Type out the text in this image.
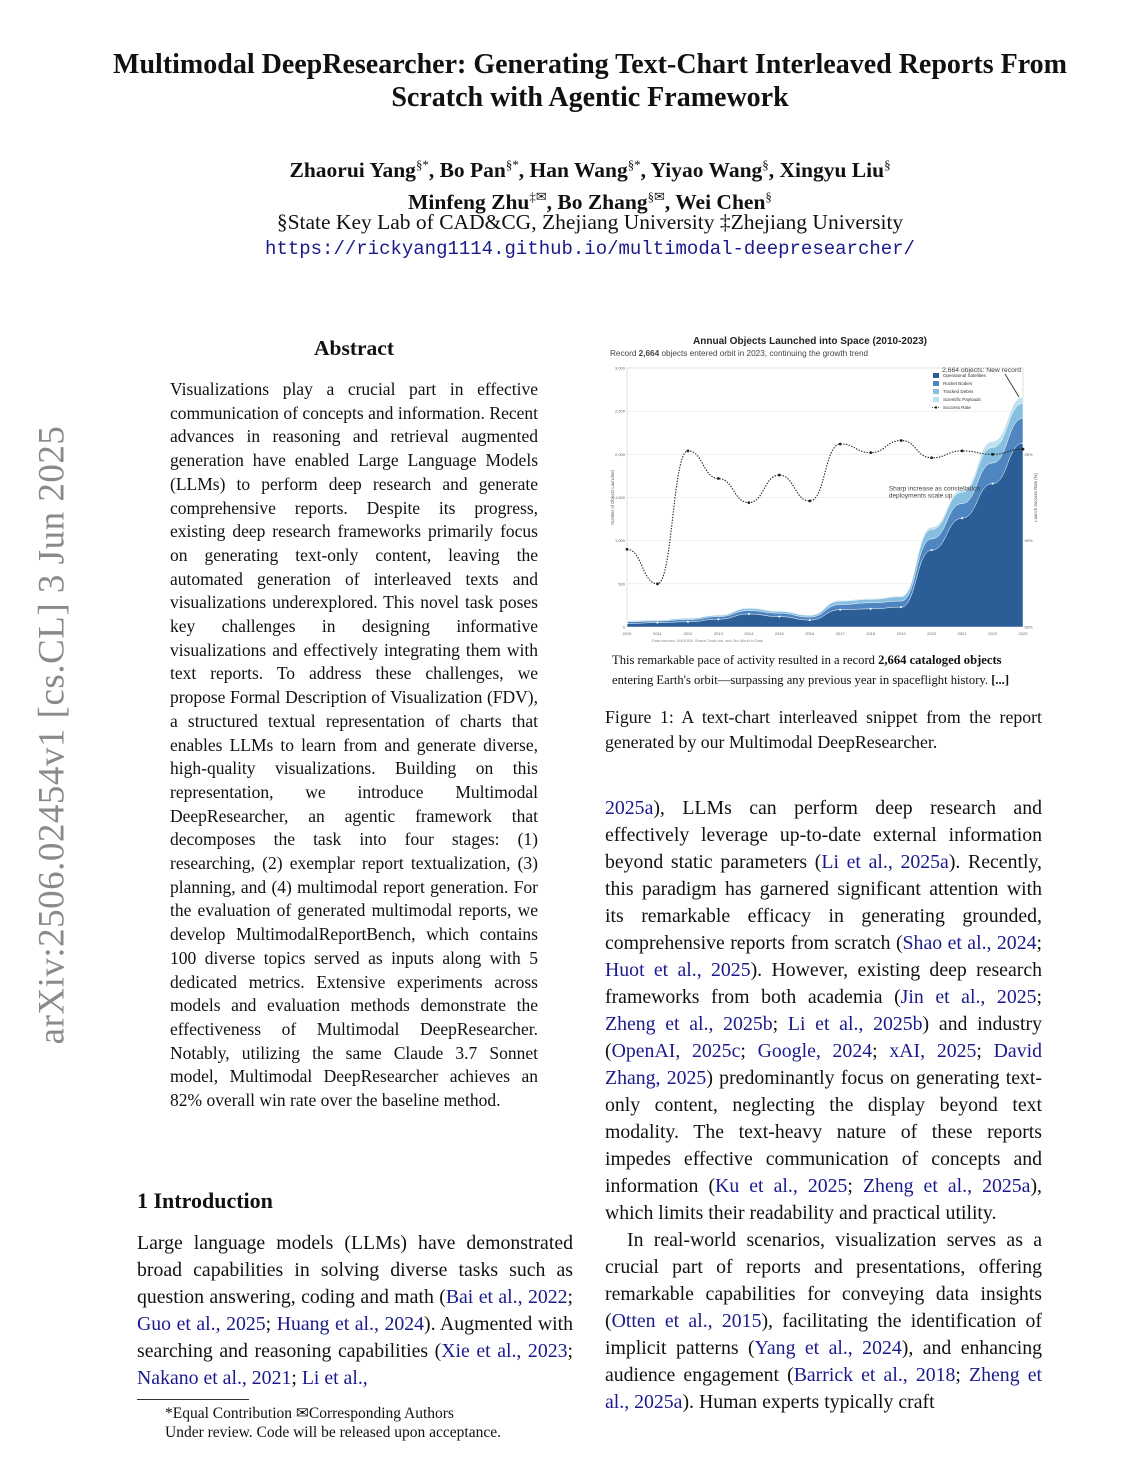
arXiv:2506.02454v1 [cs.CL] 3 Jun 2025
Multimodal DeepResearcher: Generating Text-Chart Interleaved Reports From Scratch with Agentic Framework
Zhaorui Yang§*, Bo Pan§*, Han Wang§*, Yiyao Wang§, Xingyu Liu§
Minfeng Zhu‡✉, Bo Zhang§✉, Wei Chen§
§State Key Lab of CAD&CG, Zhejiang University ‡Zhejiang University
https://rickyang1114.github.io/multimodal-deepresearcher/
Abstract
Visualizations play a crucial part in effective communication of concepts and information. Recent advances in reasoning and retrieval augmented generation have enabled Large Language Models (LLMs) to perform deep research and generate comprehensive reports. Despite its progress, existing deep research frameworks primarily focus on generating text-only content, leaving the automated generation of interleaved texts and visualizations underexplored. This novel task poses key challenges in designing informative visualizations and effectively integrating them with text reports. To address these challenges, we propose Formal Description of Visualization (FDV), a structured textual representation of charts that enables LLMs to learn from and generate diverse, high-quality visualizations. Building on this representation, we introduce Multimodal DeepResearcher, an agentic framework that decomposes the task into four stages: (1) researching, (2) exemplar report textualization, (3) planning, and (4) multimodal report generation. For the evaluation of generated multimodal reports, we develop MultimodalReportBench, which contains 100 diverse topics served as inputs along with 5 dedicated metrics. Extensive experiments across models and evaluation methods demonstrate the effectiveness of Multimodal DeepResearcher. Notably, utilizing the same Claude 3.7 Sonnet model, Multimodal DeepResearcher achieves an 82% overall win rate over the baseline method.
1 Introduction
Large language models (LLMs) have demonstrated broad capabilities in solving diverse tasks such as question answering, coding and math (Bai et al., 2022; Guo et al., 2025; Huang et al., 2024). Augmented with searching and reasoning capabilities (Xie et al., 2023; Nakano et al., 2021; Li et al.,
*Equal Contribution ✉Corresponding Authors
Under review. Code will be released upon acceptance.
Annual Objects Launched into Space (2010-2023)
Record 2,664 objects entered orbit in 2023, continuing the growth trend
0
500
1,000
1,500
2,000
2,500
3,000
85%
90%
95%
2010	2011	2012	2013	2014	2015	2016	2017	2018	2019	2020	2021	2022	2023
Number of Objects Launched	Launch Success Rate (%)
2,664 objects: New record
Operational Satellites
Rocket Bodies
Tracked Debris
Scientific Payloads
Success Rate
Sharp increase as constellation
deployments scale up
Data sources: UNOOSA, Space-Track.org, and Our World in Data
This remarkable pace of activity resulted in a record 2,664 cataloged objects entering Earth's orbit—surpassing any previous year in spaceflight history. [...]
Figure 1: A text-chart interleaved snippet from the report generated by our Multimodal DeepResearcher.

2025a), LLMs can perform deep research and effectively leverage up-to-date external information beyond static parameters (Li et al., 2025a). Recently, this paradigm has garnered significant attention with its remarkable efficacy in generating grounded, comprehensive reports from scratch (Shao et al., 2024; Huot et al., 2025). However, existing deep research frameworks from both academia (Jin et al., 2025; Zheng et al., 2025b; Li et al., 2025b) and industry (OpenAI, 2025c; Google, 2024; xAI, 2025; David Zhang, 2025) predominantly focus on generating text-only content, neglecting the display beyond text modality. The text-heavy nature of these reports impedes effective communication of concepts and information (Ku et al., 2025; Zheng et al., 2025a), which limits their readability and practical utility.

In real-world scenarios, visualization serves as a crucial part of reports and presentations, offering remarkable capabilities for conveying data insights (Otten et al., 2015), facilitating the identification of implicit patterns (Yang et al., 2024), and enhancing audience engagement (Barrick et al., 2018; Zheng et al., 2025a). Human experts typically craft
